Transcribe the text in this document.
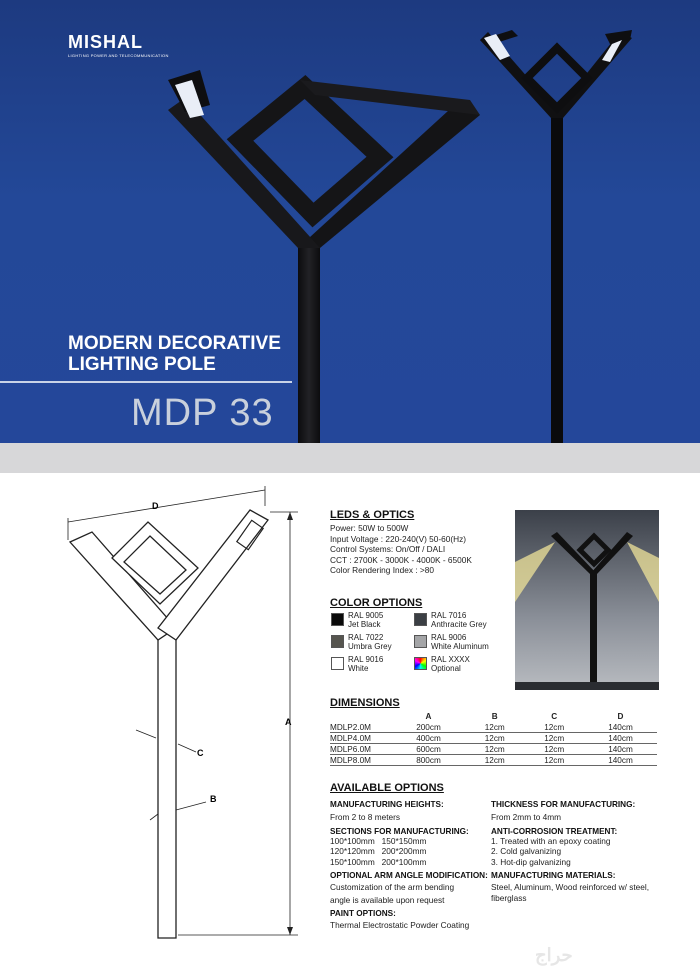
MISHAL
LIGHTING POWER AND TELECOMMUNICATION
MODERN DECORATIVE
LIGHTING POLE
MDP 33
D
A
C
B
LEDS & OPTICS
Power: 50W to 500W
Input Voltage : 220-240(V) 50-60(Hz)
Control Systems: On/Off / DALI
CCT : 2700K - 3000K - 4000K - 6500K
Color Rendering Index : >80
COLOR OPTIONS
RAL 9005
Jet Black
RAL 7016
Anthracite Grey
RAL 7022
Umbra Grey
RAL 9006
White Aluminum
RAL 9016
White
RAL XXXX
Optional
DIMENSIONS
	A	B	C	D
MDLP2.0M	200cm	12cm	12cm	140cm
MDLP4.0M	400cm	12cm	12cm	140cm
MDLP6.0M	600cm	12cm	12cm	140cm
MDLP8.0M	800cm	12cm	12cm	140cm
AVAILABLE OPTIONS
MANUFACTURING HEIGHTS:
From 2 to 8 meters
SECTIONS FOR MANUFACTURING:
100*100mm   150*150mm
120*120mm   200*200mm
150*100mm   200*100mm
OPTIONAL ARM ANGLE MODIFICATION:
Customization of the arm bending
angle is available upon request
PAINT OPTIONS:
Thermal Electrostatic Powder Coating
THICKNESS FOR MANUFACTURING:
From 2mm to 4mm
ANTI-CORROSION TREATMENT:
1. Treated with an epoxy coating
2. Cold galvanizing
3. Hot-dip galvanizing
MANUFACTURING MATERIALS:
Steel, Aluminum, Wood reinforced w/ steel,
fiberglass
حراج
